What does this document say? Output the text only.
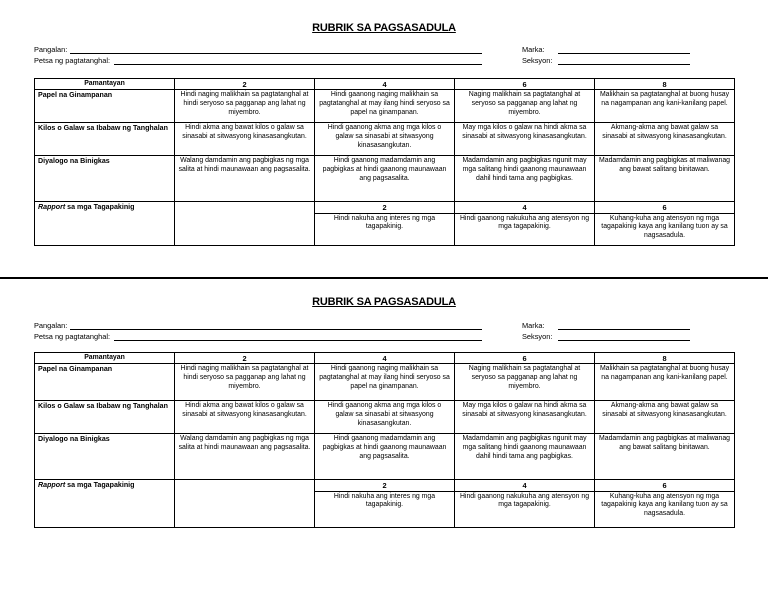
RUBRIK SA PAGSASADULA
Pangalan:
Petsa ng pagtatanghal:
Marka:
Seksyon:
Pamantayan	2	4	6	8
Papel na Ginampanan	Hindi naging malikhain sa pagtatanghal at hindi seryoso sa pagganap ang lahat ng miyembro.	Hindi gaanong naging malikhain sa pagtatanghal at may ilang hindi seryoso sa papel na ginampanan.	Naging malikhain sa pagtatanghal at seryoso sa pagganap ang lahat ng miyembro.	Malikhain sa pagtatanghal at buong husay na nagampanan ang kani-kanilang papel.
Kilos o Galaw sa Ibabaw ng Tanghalan	Hindi akma ang bawat kilos o galaw sa sinasabi at sitwasyong kinasasangkutan.	Hindi gaanong akma ang mga kilos o galaw sa sinasabi at sitwasyong kinasasangkutan.	May mga kilos o galaw na hindi akma sa sinasabi at sitwasyong kinasasangkutan.	Akmang-akma ang bawat galaw sa sinasabi at sitwasyong kinasasangkutan.
Diyalogo na Binigkas	Walang damdamin ang pagbigkas ng mga salita at hindi maunawaan ang pagsasalita.	Hindi gaanong madamdamin ang pagbigkas at hindi gaanong maunawaan ang pagsasalita.	Madamdamin ang pagbigkas ngunit may mga salitang hindi gaanong maunawaan dahil hindi tama ang pagbigkas.	Madamdamin ang pagbigkas at maliwanag ang bawat salitang binitawan.
Rapport sa mga Tagapakinig		2	4	6
		Hindi nakuha ang interes ng mga tagapakinig.	Hindi gaanong nakukuha ang atensyon ng mga tagapakinig.	Kuhang-kuha ang atensyon ng mga tagapakinig kaya ang kanilang tuon ay sa nagsasadula.
RUBRIK SA PAGSASADULA
Pangalan:
Petsa ng pagtatanghal:
Marka:
Seksyon:
Pamantayan	2	4	6	8
Papel na Ginampanan	Hindi naging malikhain sa pagtatanghal at hindi seryoso sa pagganap ang lahat ng miyembro.	Hindi gaanong naging malikhain sa pagtatanghal at may ilang hindi seryoso sa papel na ginampanan.	Naging malikhain sa pagtatanghal at seryoso sa pagganap ang lahat ng miyembro.	Malikhain sa pagtatanghal at buong husay na nagampanan ang kani-kanilang papel.
Kilos o Galaw sa Ibabaw ng Tanghalan	Hindi akma ang bawat kilos o galaw sa sinasabi at sitwasyong kinasasangkutan.	Hindi gaanong akma ang mga kilos o galaw sa sinasabi at sitwasyong kinasasangkutan.	May mga kilos o galaw na hindi akma sa sinasabi at sitwasyong kinasasangkutan.	Akmang-akma ang bawat galaw sa sinasabi at sitwasyong kinasasangkutan.
Diyalogo na Binigkas	Walang damdamin ang pagbigkas ng mga salita at hindi maunawaan ang pagsasalita.	Hindi gaanong madamdamin ang pagbigkas at hindi gaanong maunawaan ang pagsasalita.	Madamdamin ang pagbigkas ngunit may mga salitang hindi gaanong maunawaan dahil hindi tama ang pagbigkas.	Madamdamin ang pagbigkas at maliwanag ang bawat salitang binitawan.
Rapport sa mga Tagapakinig		2	4	6
		Hindi nakuha ang interes ng mga tagapakinig.	Hindi gaanong nakukuha ang atensyon ng mga tagapakinig.	Kuhang-kuha ang atensyon ng mga tagapakinig kaya ang kanilang tuon ay sa nagsasadula.
